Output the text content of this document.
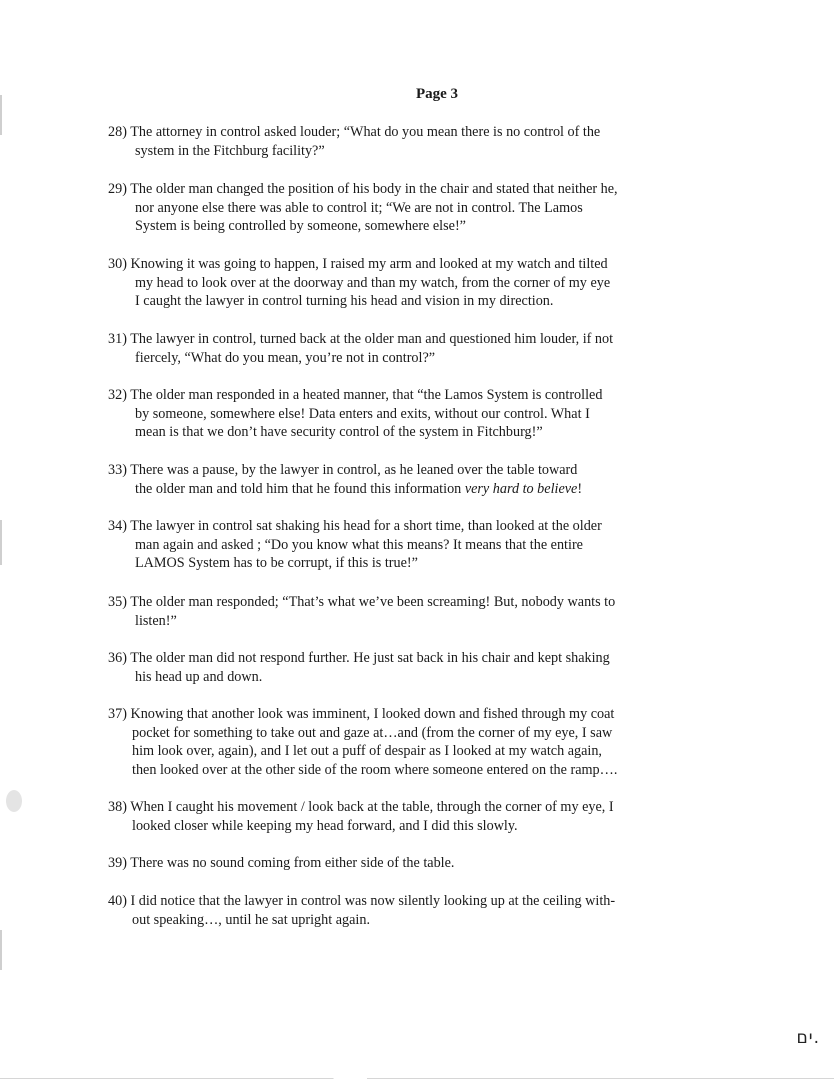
Page 3
28) The attorney in control asked louder; “What do you mean there is no control of the
system in the Fitchburg facility?”
29) The older man changed the position of his body in the chair and stated that neither he,
nor anyone else there was able to control it; “We are not in control. The Lamos
System is being controlled by someone, somewhere else!”
30) Knowing it was going to happen, I raised my arm and looked at my watch and tilted
my head to look over at the doorway and than my watch, from the corner of my eye
I caught the lawyer in control turning his head and vision in my direction.
31) The lawyer in control, turned back at the older man and questioned him louder, if not
fiercely, “What do you mean, you’re not in control?”
32) The older man responded in a heated manner, that “the Lamos System is controlled
by someone, somewhere else! Data enters and exits, without our control. What I
mean is that we don’t have security control of the system in Fitchburg!”
33) There was a pause, by the lawyer in control, as he leaned over the table toward
the older man and told him that he found this information very hard to believe!
34) The lawyer in control sat shaking his head for a short time, than looked at the older
man again and asked ; “Do you know what this means? It means that the entire
LAMOS System has to be corrupt, if this is true!”
35) The older man responded; “That’s what we’ve been screaming! But, nobody wants to
listen!”
36) The older man did not respond further. He just sat back in his chair and kept shaking
his head up and down.
37) Knowing that another look was imminent, I looked down and fished through my coat
pocket for something to take out and gaze at…and (from the corner of my eye, I saw
him look over, again), and I let out a puff of despair as I looked at my watch again,
then looked over at the other side of the room where someone entered on the ramp….
38) When I caught his movement / look back at the table, through the corner of my eye, I
looked closer while keeping my head forward, and I did this slowly.
39) There was no sound coming from either side of the table.
40) I did notice that the lawyer in control was now silently looking up at the ceiling with-
out speaking…, until he sat upright again.
ים.
